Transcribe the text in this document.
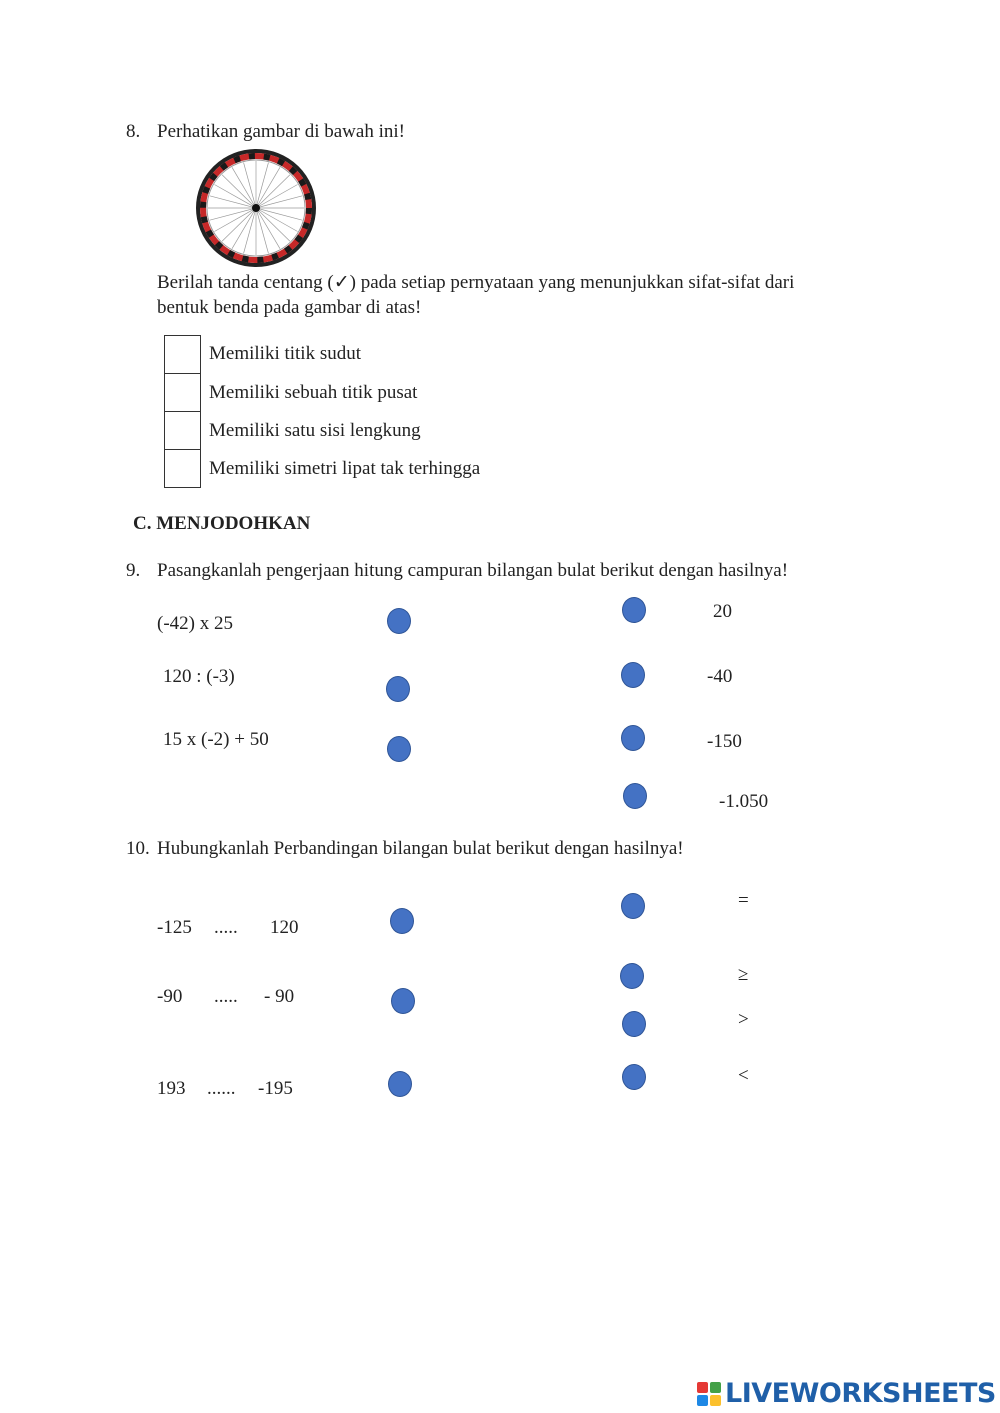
8. Perhatikan gambar di bawah ini!
Berilah tanda centang (✓) pada setiap pernyataan yang menunjukkan sifat-sifat dari
bentuk benda pada gambar di atas!
Memiliki titik sudut
Memiliki sebuah titik pusat
Memiliki satu sisi lengkung
Memiliki simetri lipat tak terhingga
C. MENJODOHKAN
9. Pasangkanlah pengerjaan hitung campuran bilangan bulat berikut dengan hasilnya!
(-42) x 25
120 : (-3)
15 x (-2) + 50
20
-40
-150
-1.050
10. Hubungkanlah Perbandingan bilangan bulat berikut dengan hasilnya!
-125 ..... 120
-90 ..... - 90
193 ...... -195
=
≥
>
<
LIVEWORKSHEETS
